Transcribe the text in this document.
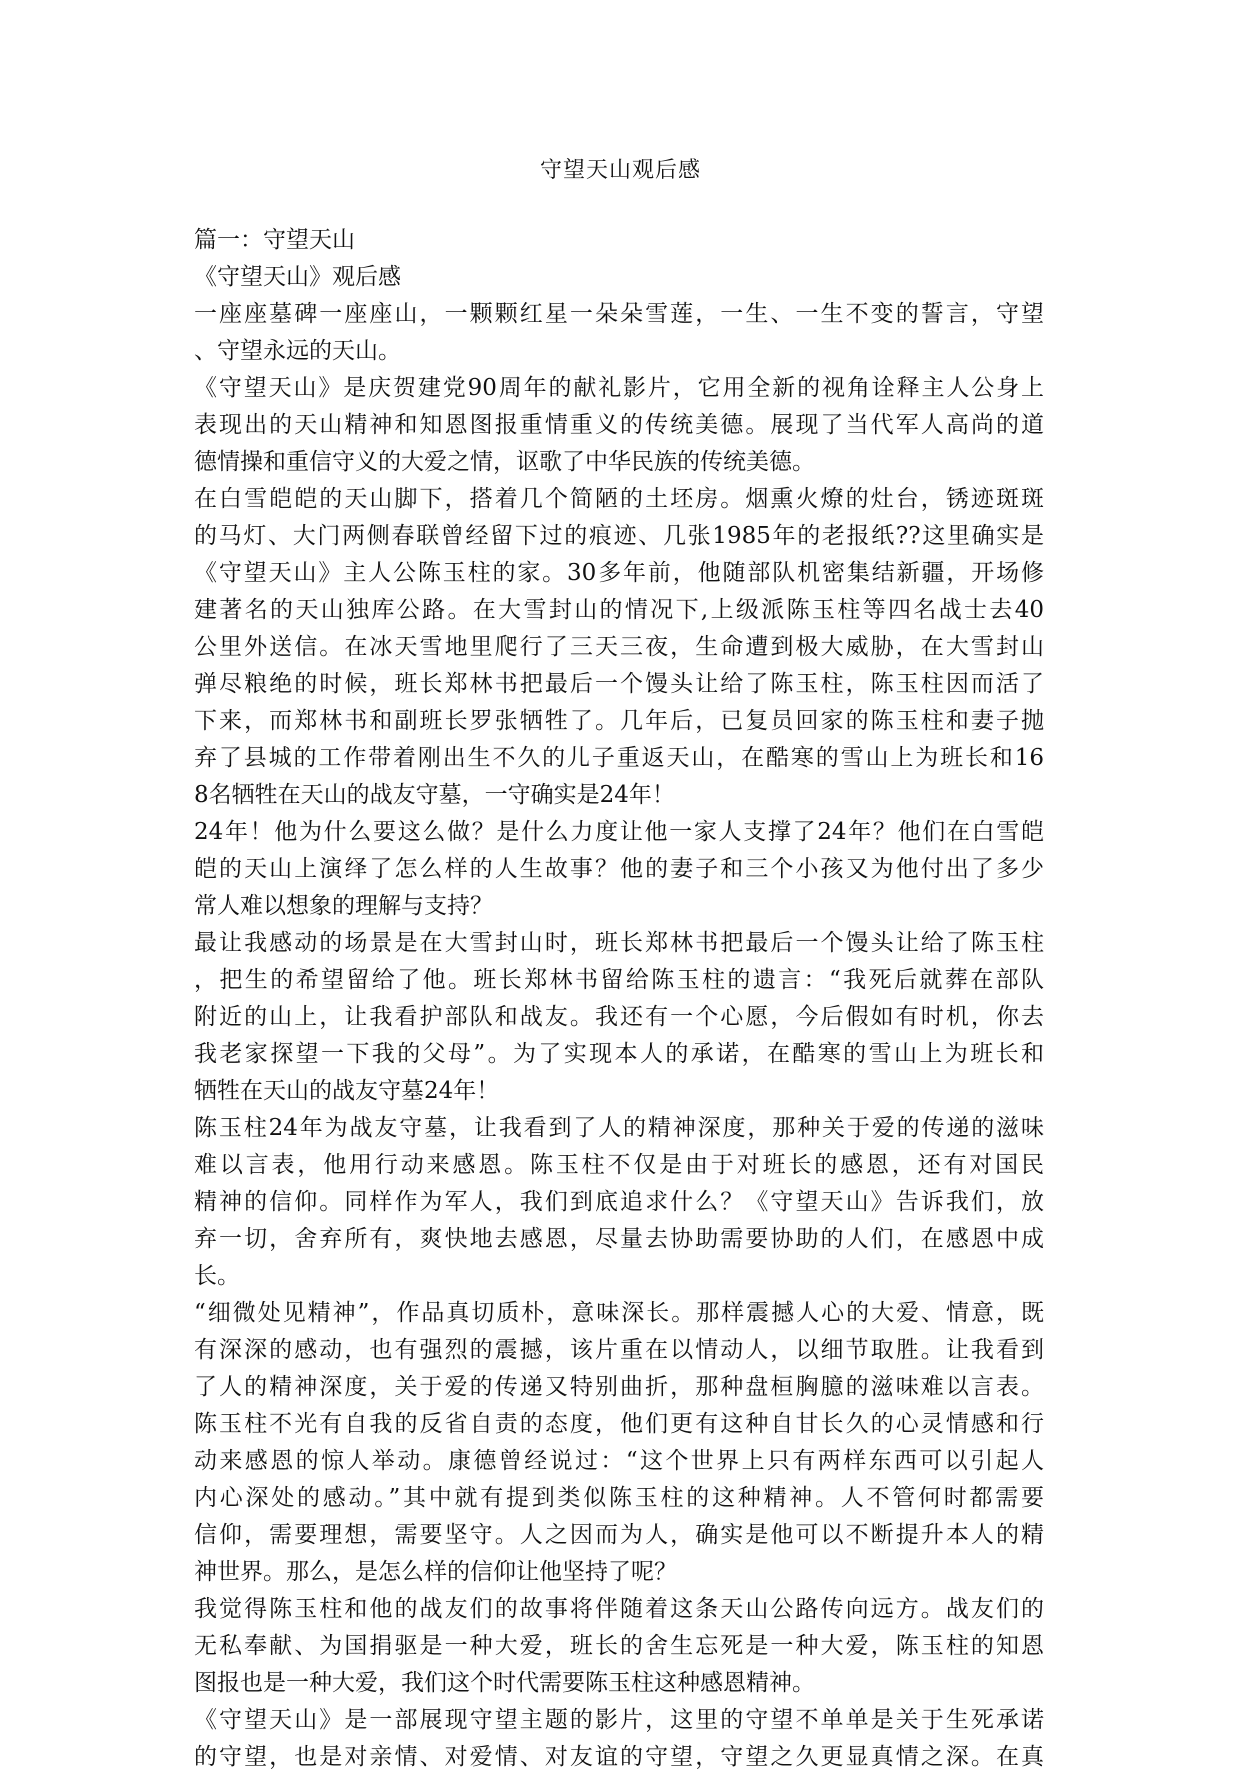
守望天山观后感
篇一：守望天山
《守望天山》观后感
一座座墓碑一座座山，一颗颗红星一朵朵雪莲，一生、一生不变的誓言，守望
、守望永远的天山。
《守望天山》是庆贺建党90周年的献礼影片，它用全新的视角诠释主人公身上
表现出的天山精神和知恩图报重情重义的传统美德。展现了当代军人高尚的道
德情操和重信守义的大爱之情，讴歌了中华民族的传统美德。
在白雪皑皑的天山脚下，搭着几个简陋的土坯房。烟熏火燎的灶台，锈迹斑斑
的马灯、大门两侧春联曾经留下过的痕迹、几张1985年的老报纸??这里确实是
《守望天山》主人公陈玉柱的家。30多年前，他随部队机密集结新疆，开场修
建著名的天山独库公路。在大雪封山的情况下,上级派陈玉柱等四名战士去40
公里外送信。在冰天雪地里爬行了三天三夜，生命遭到极大威胁，在大雪封山
弹尽粮绝的时候，班长郑林书把最后一个馒头让给了陈玉柱，陈玉柱因而活了
下来，而郑林书和副班长罗张牺牲了。几年后，已复员回家的陈玉柱和妻子抛
弃了县城的工作带着刚出生不久的儿子重返天山，在酷寒的雪山上为班长和16
8名牺牲在天山的战友守墓，一守确实是24年！
24年！他为什么要这么做？是什么力度让他一家人支撑了24年？他们在白雪皑
皑的天山上演绎了怎么样的人生故事？他的妻子和三个小孩又为他付出了多少
常人难以想象的理解与支持？
最让我感动的场景是在大雪封山时，班长郑林书把最后一个馒头让给了陈玉柱
，把生的希望留给了他。班长郑林书留给陈玉柱的遗言：“我死后就葬在部队
附近的山上，让我看护部队和战友。我还有一个心愿，今后假如有时机，你去
我老家探望一下我的父母”。为了实现本人的承诺，在酷寒的雪山上为班长和
牺牲在天山的战友守墓24年！
陈玉柱24年为战友守墓，让我看到了人的精神深度，那种关于爱的传递的滋味
难以言表，他用行动来感恩。陈玉柱不仅是由于对班长的感恩，还有对国民
精神的信仰。同样作为军人，我们到底追求什么？《守望天山》告诉我们，放
弃一切，舍弃所有，爽快地去感恩，尽量去协助需要协助的人们，在感恩中成
长。
“细微处见精神”，作品真切质朴，意味深长。那样震撼人心的大爱、情意，既
有深深的感动，也有强烈的震撼，该片重在以情动人，以细节取胜。让我看到
了人的精神深度，关于爱的传递又特别曲折，那种盘桓胸臆的滋味难以言表。
陈玉柱不光有自我的反省自责的态度，他们更有这种自甘长久的心灵情感和行
动来感恩的惊人举动。康德曾经说过：“这个世界上只有两样东西可以引起人
内心深处的感动。”其中就有提到类似陈玉柱的这种精神。人不管何时都需要
信仰，需要理想，需要坚守。人之因而为人，确实是他可以不断提升本人的精
神世界。那么，是怎么样的信仰让他坚持了呢？
我觉得陈玉柱和他的战友们的故事将伴随着这条天山公路传向远方。战友们的
无私奉献、为国捐驱是一种大爱，班长的舍生忘死是一种大爱，陈玉柱的知恩
图报也是一种大爱，我们这个时代需要陈玉柱这种感恩精神。
《守望天山》是一部展现守望主题的影片，这里的守望不单单是关于生死承诺
的守望，也是对亲情、对爱情、对友谊的守望，守望之久更显真情之深。在真
